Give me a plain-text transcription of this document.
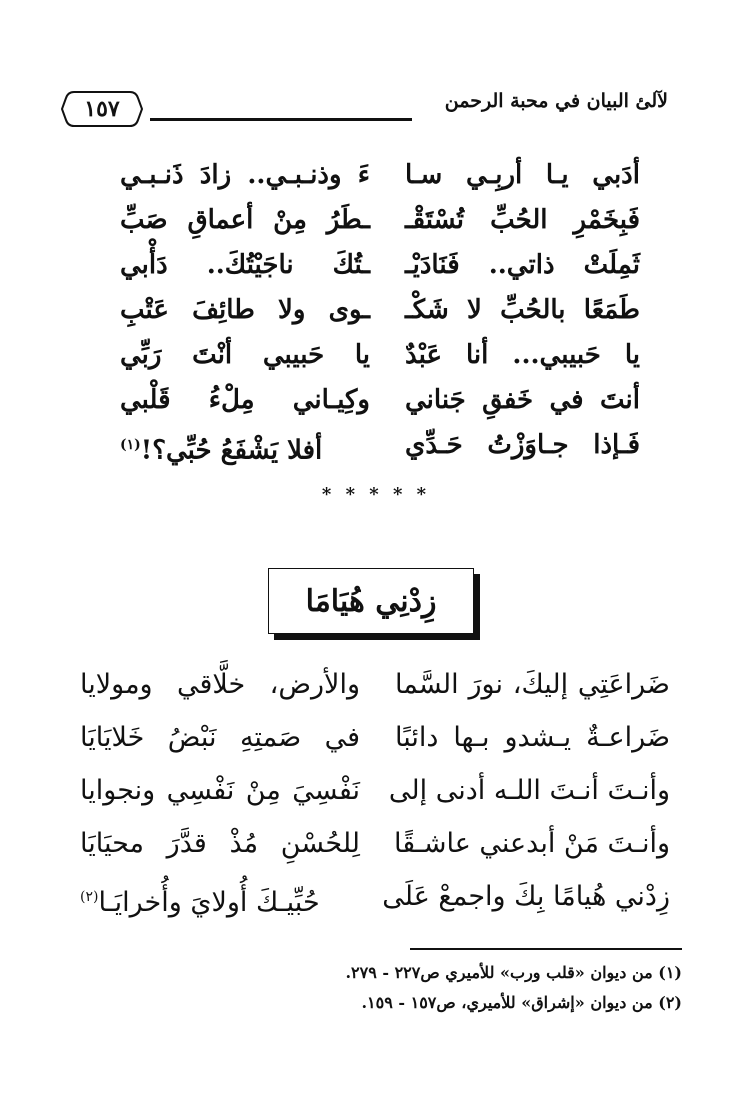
١٥٧	لآلئ البيان في محبة الرحمن
أدَبي يـا أربِـي سـا
ءَ وذنـبـي.. زادَ ذَنـبـي
فَبِخَمْرِ الحُبِّ تُسْتَقْـ
ـطَرُ مِنْ أعماقِ صَبِّ
ثَمِلَتْ ذاتي.. فَنَادَيْـ
ـتُكَ ناجَيْتُكَ.. دَأْبي
طَمَعًا بالحُبِّ لا شَكْـ
ـوى ولا طائِفَ عَتْبِ
يا حَبيبي... أنا عَبْدٌ
يا حَبيبي أنْتَ رَبِّي
أنتَ في خَفقِ جَناني
وكِيـاني مِلْءُ قَلْبي
فَـإذا جـاوَزْتُ حَـدِّي
أفلا يَشْفَعُ حُبِّي؟!$^{(١)}$
* * * * *
زِدْنِي هُيَامَا
ضَراعَتِي إليكَ، نورَ السَّما
والأرض، خلَّاقي ومولايا
ضَراعـةٌ يـشدو بـها دائبًا
في صَمتِهِ نَبْضُ خَلايَايَا
وأنـتَ أنـتَ اللـه أدنى إلى
نَفْسِيَ مِنْ نَفْسِي ونجوايا
وأنـتَ مَنْ أبدعني عاشـقًا
لِلحُسْنِ مُذْ قدَّرَ محيَايَا
زِدْني هُيامًا بِكَ واجمعْ عَلَى
حُبِّيـكَ أُولايَ وأُخرايَـا$^{(٢)}$
(١) من ديوان «قلب ورب» للأميري ص٢٢٧ - ٢٧٩.
(٢) من ديوان «إشراق» للأميري، ص١٥٧ - ١٥٩.
